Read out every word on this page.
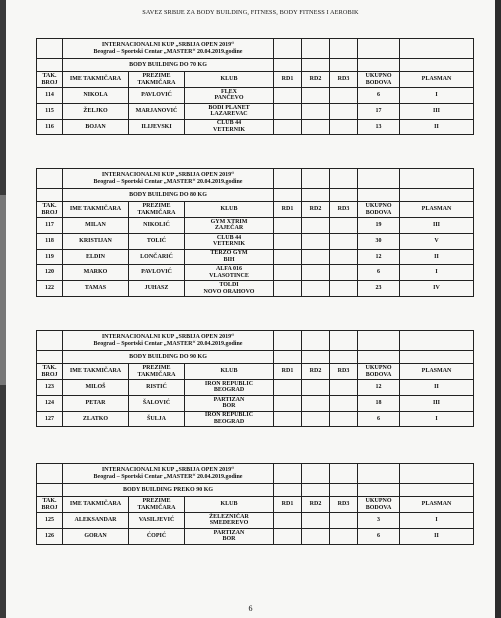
SAVEZ SRBIJE ZA BODY BUILDING, FITNESS, BODY FITNESS I AEROBIK

	INTERNACIONALNI KUP „SRBIJA OPEN 2019“
Beograd – Sportski Centar „MASTER“ 20.04.2019.godine							

	BODY BUILDING DO 70 KG							
TAK. BROJ	IME TAKMIČARA	PREZIME TAKMIČARA	KLUB	RD1	RD2	RD3	UKUPNO BODOVA	PLASMAN
114	NIKOLA	PAVLOVIĆ	FLEX
PANČEVO				6	I
115	ŽELJKO	MARJANOVIĆ	BODI PLANET
LAZAREVAC				17	III
116	BOJAN	ILIJEVSKI	CLUB 44
VETERNIK				13	II

	INTERNACIONALNI KUP „SRBIJA OPEN 2019“
Beograd – Sportski Centar „MASTER“ 20.04.2019.godine							

	BODY BUILDING DO 80 KG							
TAK. BROJ	IME TAKMIČARA	PREZIME TAKMIČARA	KLUB	RD1	RD2	RD3	UKUPNO BODOVA	PLASMAN
117	MILAN	NIKOLIĆ	GYM XTRIM
ZAJEČAR				19	III
118	KRISTIJAN	TOLIĆ	CLUB 44
VETERNIK				30	V
119	ELDIN	LONČARIĆ	TERZO GYM
BIH				12	II
120	MARKO	PAVLOVIĆ	ALFA 016
VLASOTINCE				6	I
122	TAMAS	JUHASZ	TOLDI
NOVO ORAHOVO				23	IV

	INTERNACIONALNI KUP „SRBIJA OPEN 2019“
Beograd – Sportski Centar „MASTER“ 20.04.2019.godine							

	BODY BUILDING DO 90 KG							
TAK. BROJ	IME TAKMIČARA	PREZIME TAKMIČARA	KLUB	RD1	RD2	RD3	UKUPNO BODOVA	PLASMAN
123	MILOŠ	RISTIĆ	IRON REPUBLIC
BEOGRAD				12	II
124	PETAR	ŠALOVIĆ	PARTIZAN
BOR				18	III
127	ZLATKO	ŠULJA	IRON REPUBLIC
BEOGRAD				6	I

	INTERNACIONALNI KUP „SRBIJA OPEN 2019“
Beograd – Sportski Centar „MASTER“ 20.04.2019.godine							

	BODY BUILDING PREKO 90 KG							
TAK. BROJ	IME TAKMIČARA	PREZIME TAKMIČARA	KLUB	RD1	RD2	RD3	UKUPNO BODOVA	PLASMAN
125	ALEKSANDAR	VASILJEVIĆ	ŽELEZNIČAR
SMEDEREVO				3	I
126	GORAN	ĆOPIĆ	PARTIZAN
BOR				6	II
6
